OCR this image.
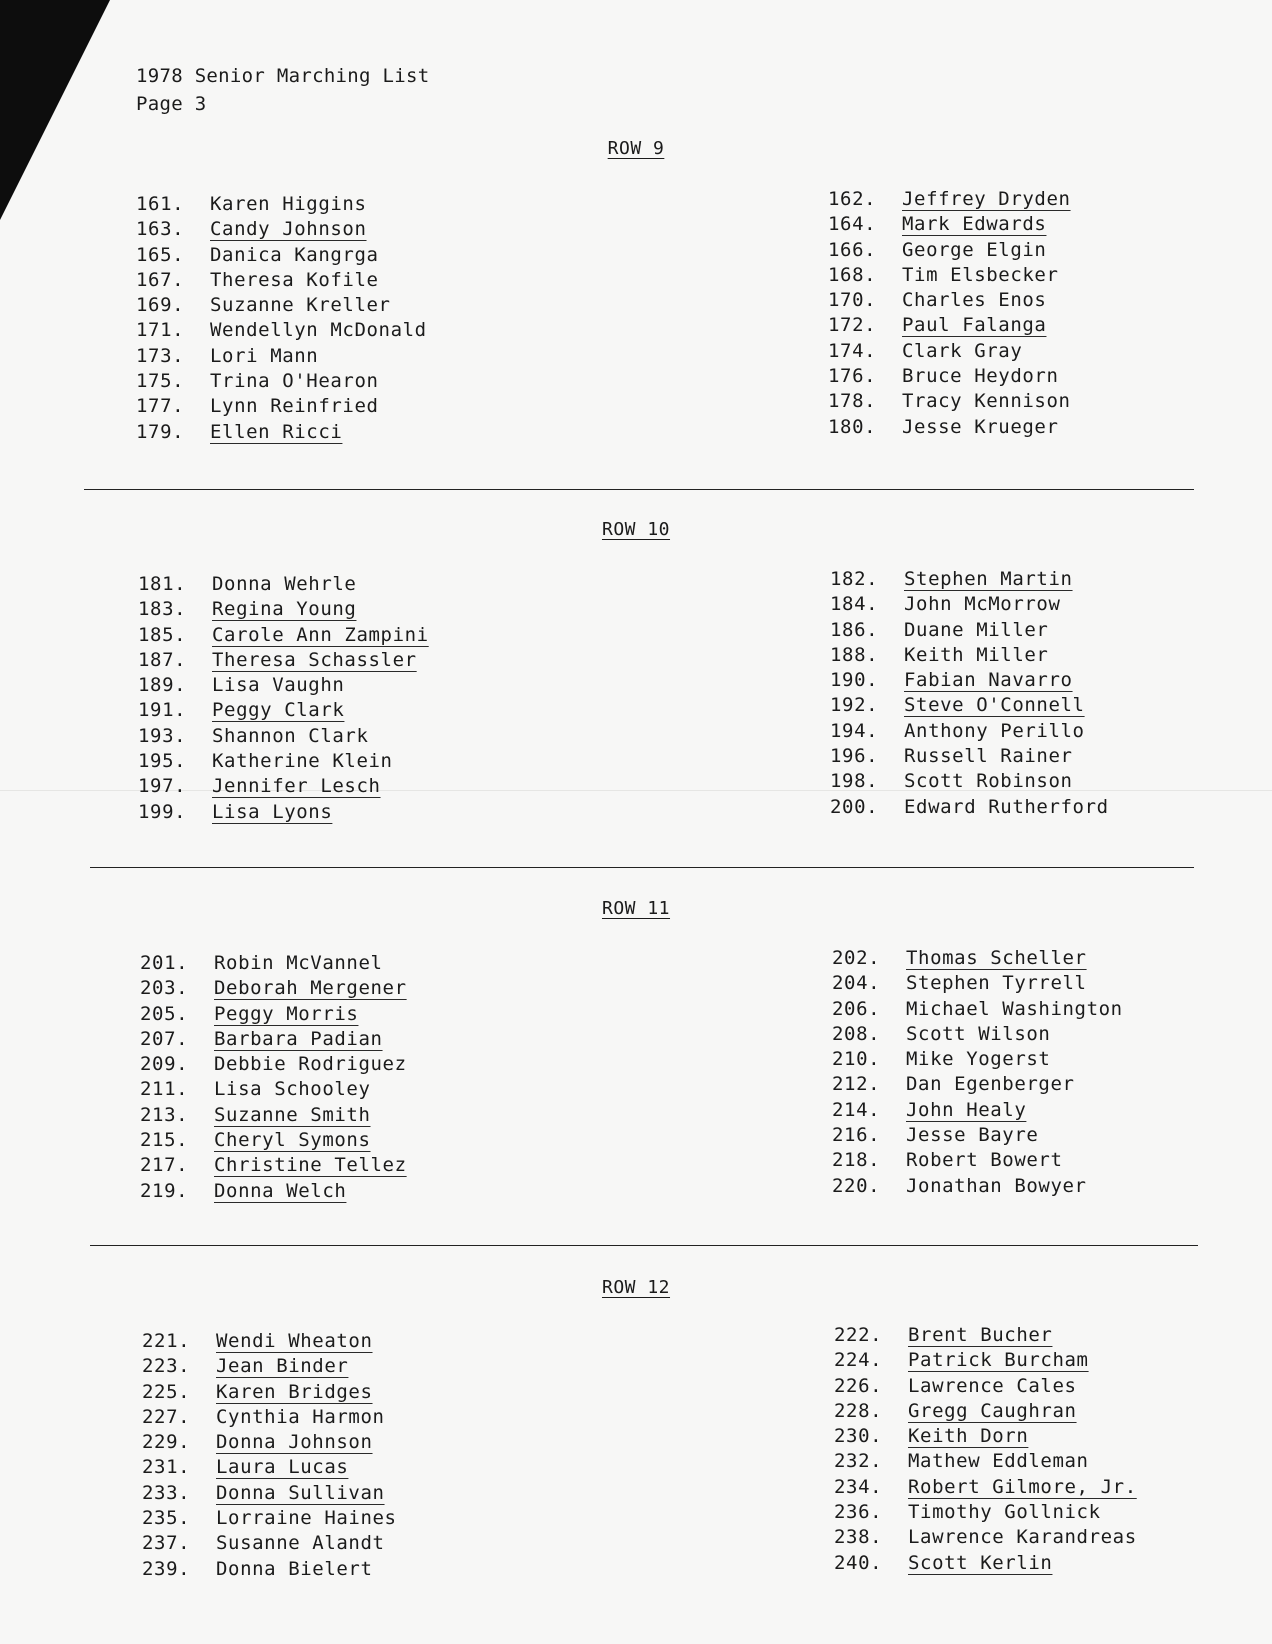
1978 Senior Marching List
Page 3
ROW 9
161.	Karen Higgins
163.	Candy Johnson
165.	Danica Kangrga
167.	Theresa Kofile
169.	Suzanne Kreller
171.	Wendellyn McDonald
173.	Lori Mann
175.	Trina O'Hearon
177.	Lynn Reinfried
179.	Ellen Ricci
162.	Jeffrey Dryden
164.	Mark Edwards
166.	George Elgin
168.	Tim Elsbecker
170.	Charles Enos
172.	Paul Falanga
174.	Clark Gray
176.	Bruce Heydorn
178.	Tracy Kennison
180.	Jesse Krueger
ROW 10
181.	Donna Wehrle
183.	Regina Young
185.	Carole Ann Zampini
187.	Theresa Schassler
189.	Lisa Vaughn
191.	Peggy Clark
193.	Shannon Clark
195.	Katherine Klein
197.	Jennifer Lesch
199.	Lisa Lyons
182.	Stephen Martin
184.	John McMorrow
186.	Duane Miller
188.	Keith Miller
190.	Fabian Navarro
192.	Steve O'Connell
194.	Anthony Perillo
196.	Russell Rainer
198.	Scott Robinson
200.	Edward Rutherford
ROW 11
201.	Robin McVannel
203.	Deborah Mergener
205.	Peggy Morris
207.	Barbara Padian
209.	Debbie Rodriguez
211.	Lisa Schooley
213.	Suzanne Smith
215.	Cheryl Symons
217.	Christine Tellez
219.	Donna Welch
202.	Thomas Scheller
204.	Stephen Tyrrell
206.	Michael Washington
208.	Scott Wilson
210.	Mike Yogerst
212.	Dan Egenberger
214.	John Healy
216.	Jesse Bayre
218.	Robert Bowert
220.	Jonathan Bowyer
ROW 12
221.	Wendi Wheaton
223.	Jean Binder
225.	Karen Bridges
227.	Cynthia Harmon
229.	Donna Johnson
231.	Laura Lucas
233.	Donna Sullivan
235.	Lorraine Haines
237.	Susanne Alandt
239.	Donna Bielert
222.	Brent Bucher
224.	Patrick Burcham
226.	Lawrence Cales
228.	Gregg Caughran
230.	Keith Dorn
232.	Mathew Eddleman
234.	Robert Gilmore, Jr.
236.	Timothy Gollnick
238.	Lawrence Karandreas
240.	Scott Kerlin
